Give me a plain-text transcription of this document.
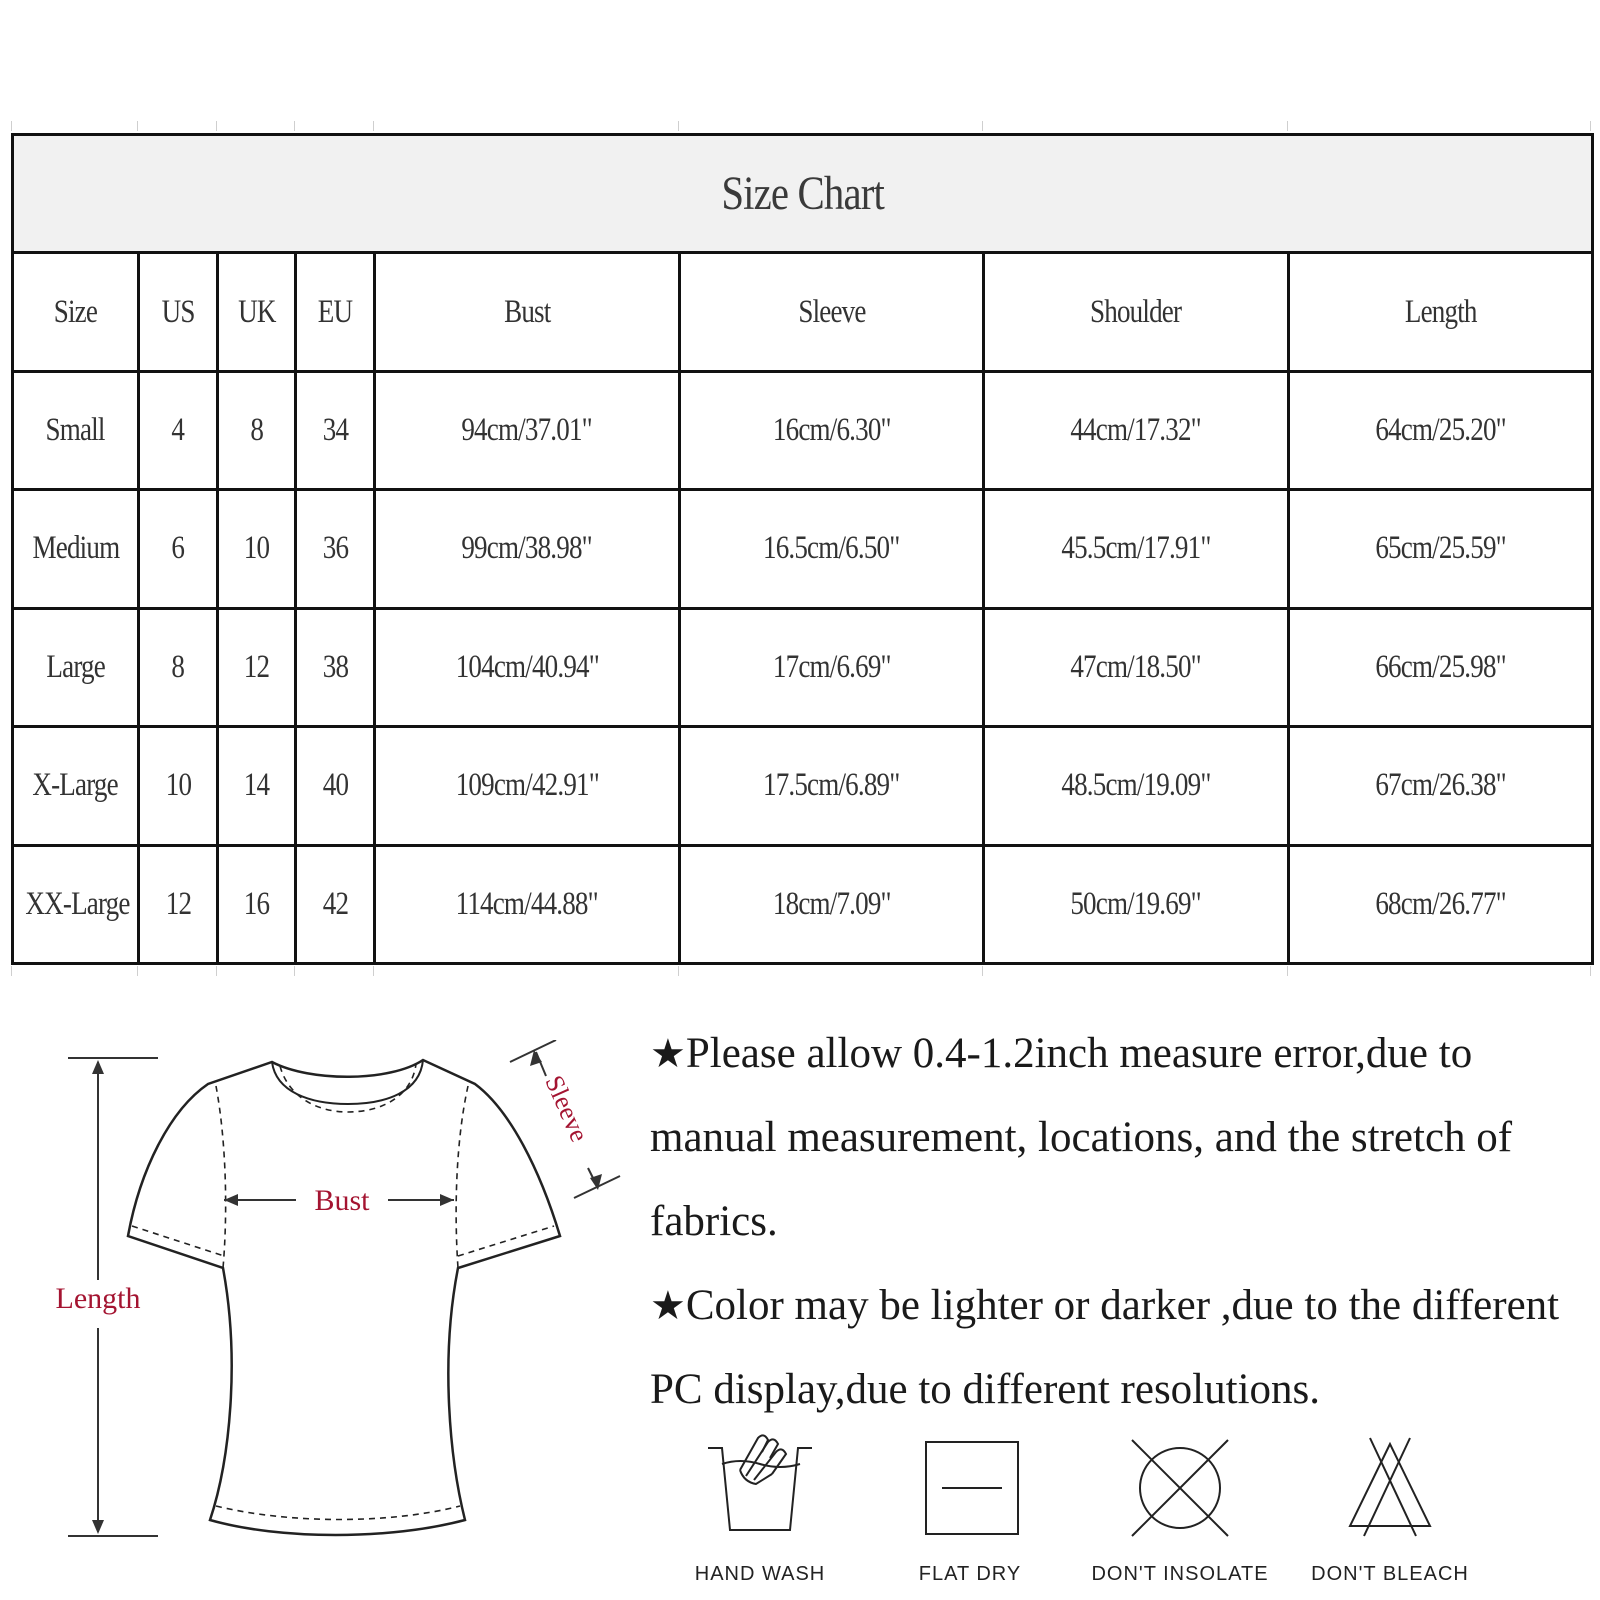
Size Chart							
Size	US	UK	EU	Bust	Sleeve	Shoulder	Length
Small	4	8	34	94cm/37.01"	16cm/6.30"	44cm/17.32"	64cm/25.20"
Medium	6	10	36	99cm/38.98"	16.5cm/6.50"	45.5cm/17.91"	65cm/25.59"
Large	8	12	38	104cm/40.94"	17cm/6.69"	47cm/18.50"	66cm/25.98"
X-Large	10	14	40	109cm/42.91"	17.5cm/6.89"	48.5cm/19.09"	67cm/26.38"
XX-Large	12	16	42	114cm/44.88"	18cm/7.09"	50cm/19.69"	68cm/26.77"
Length
Bust
Sleeve

★Please allow 0.4-1.2inch measure error,due to manual measurement, locations, and the stretch of fabrics.

★Color may be lighter or darker ,due to the different PC display,due to different resolutions.

HAND WASH	FLAT DRY	DON'T INSOLATE	DON'T BLEACH
